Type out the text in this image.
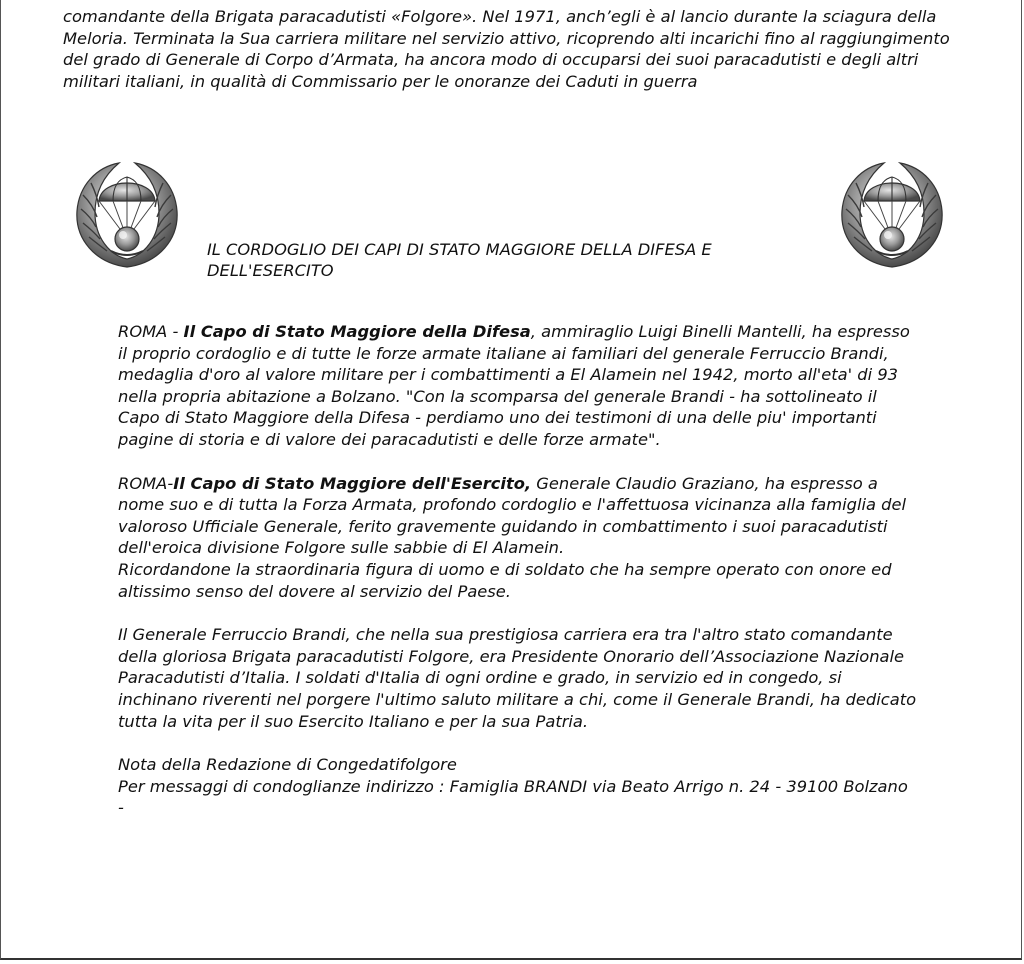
comandante della Brigata paracadutisti «Folgore». Nel 1971, anch’egli è al lancio durante la sciagura della Meloria. Terminata la Sua carriera militare nel servizio attivo, ricoprendo alti incarichi fino al raggiungimento del grado di Generale di Corpo d’Armata, ha ancora modo di occuparsi dei suoi paracadutisti e degli altri militari italiani, in qualità di Commissario per le onoranze dei Caduti in guerra

IL CORDOGLIO DEI CAPI DI STATO MAGGIORE DELLA DIFESA E DELL'ESERCITO

ROMA - Il Capo di Stato Maggiore della Difesa, ammiraglio Luigi Binelli Mantelli, ha espresso il proprio cordoglio e di tutte le forze armate italiane ai familiari del generale Ferruccio Brandi, medaglia d'oro al valore militare per i combattimenti a El Alamein nel 1942, morto all'eta' di 93 nella propria abitazione a Bolzano. "Con la scomparsa del generale Brandi - ha sottolineato il Capo di Stato Maggiore della Difesa - perdiamo uno dei testimoni di una delle piu' importanti pagine di storia e di valore dei paracadutisti e delle forze armate".

ROMA-Il Capo di Stato Maggiore dell'Esercito, Generale Claudio Graziano, ha espresso a nome suo e di tutta la Forza Armata, profondo cordoglio e l'affettuosa vicinanza alla famiglia del valoroso Ufficiale Generale, ferito gravemente guidando in combattimento i suoi paracadutisti dell'eroica divisione Folgore sulle sabbie di El Alamein.

Ricordandone la straordinaria figura di uomo e di soldato che ha sempre operato con onore ed altissimo senso del dovere al servizio del Paese.

Il Generale Ferruccio Brandi, che nella sua prestigiosa carriera era tra l'altro stato comandante della gloriosa Brigata paracadutisti Folgore, era Presidente Onorario dell’Associazione Nazionale Paracadutisti d’Italia. I soldati d'Italia di ogni ordine e grado, in servizio ed in congedo, si inchinano riverenti nel porgere l'ultimo saluto militare a chi, come il Generale Brandi, ha dedicato tutta la vita per il suo Esercito Italiano e per la sua Patria.

Nota della Redazione di Congedatifolgore

Per messaggi di condoglianze indirizzo : Famiglia BRANDI via Beato Arrigo n. 24 - 39100 Bolzano -
